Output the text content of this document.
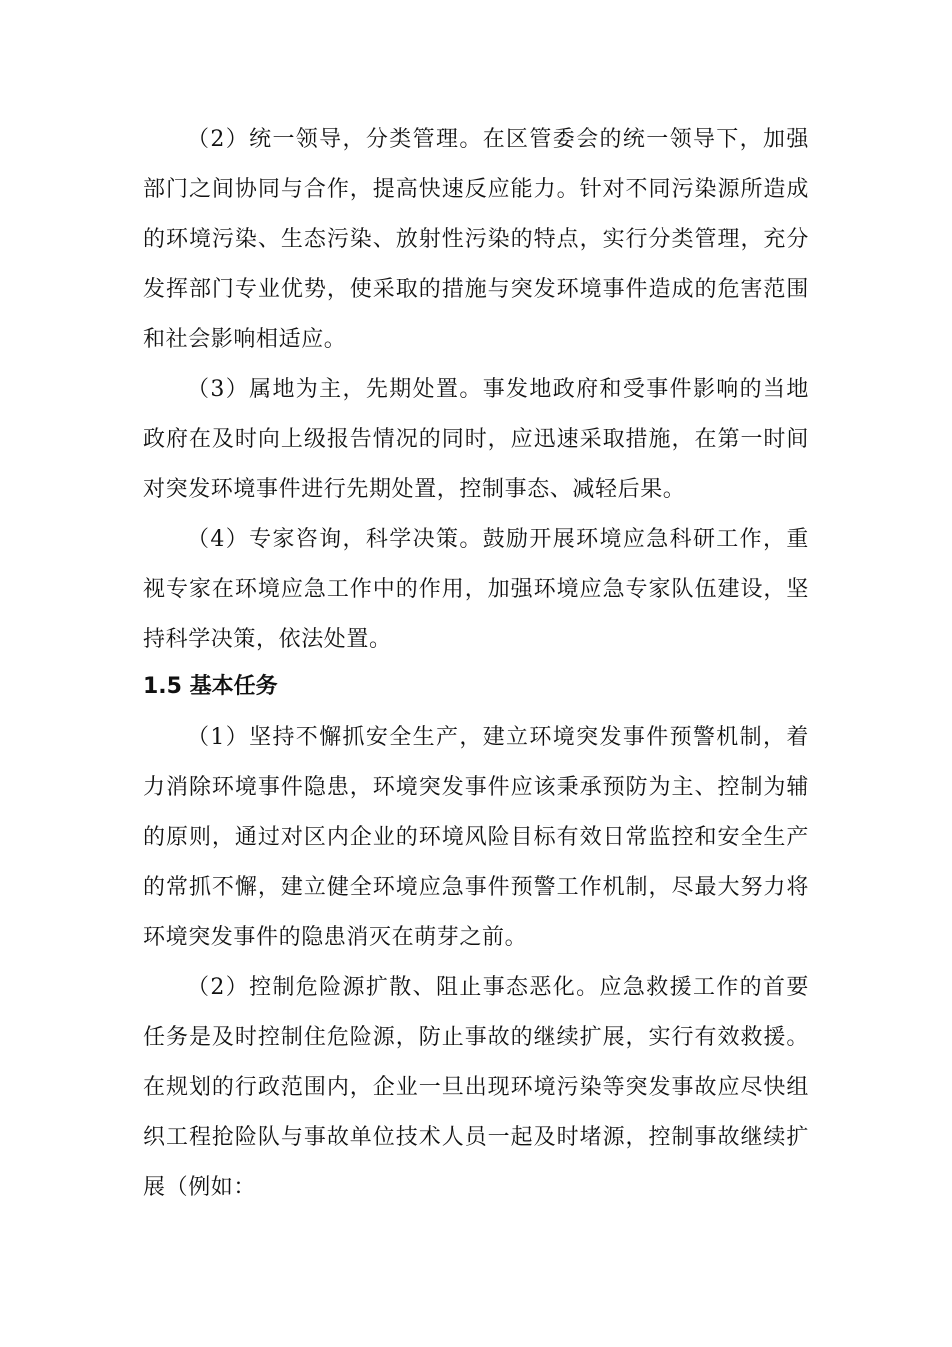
（2）统一领导，分类管理。在区管委会的统一领导下，加强部门之间协同与合作，提高快速反应能力。针对不同污染源所造成的环境污染、生态污染、放射性污染的特点，实行分类管理，充分发挥部门专业优势，使采取的措施与突发环境事件造成的危害范围和社会影响相适应。

（3）属地为主，先期处置。事发地政府和受事件影响的当地政府在及时向上级报告情况的同时，应迅速采取措施，在第一时间对突发环境事件进行先期处置，控制事态、减轻后果。

（4）专家咨询，科学决策。鼓励开展环境应急科研工作，重视专家在环境应急工作中的作用，加强环境应急专家队伍建设，坚持科学决策，依法处置。

1.5 基本任务

（1）坚持不懈抓安全生产，建立环境突发事件预警机制，着力消除环境事件隐患，环境突发事件应该秉承预防为主、控制为辅的原则，通过对区内企业的环境风险目标有效日常监控和安全生产的常抓不懈，建立健全环境应急事件预警工作机制，尽最大努力将环境突发事件的隐患消灭在萌芽之前。

（2）控制危险源扩散、阻止事态恶化。应急救援工作的首要任务是及时控制住危险源，防止事故的继续扩展，实行有效救援。在规划的行政范围内，企业一旦出现环境污染等突发事故应尽快组织工程抢险队与事故单位技术人员一起及时堵源，控制事故继续扩展（例如：
